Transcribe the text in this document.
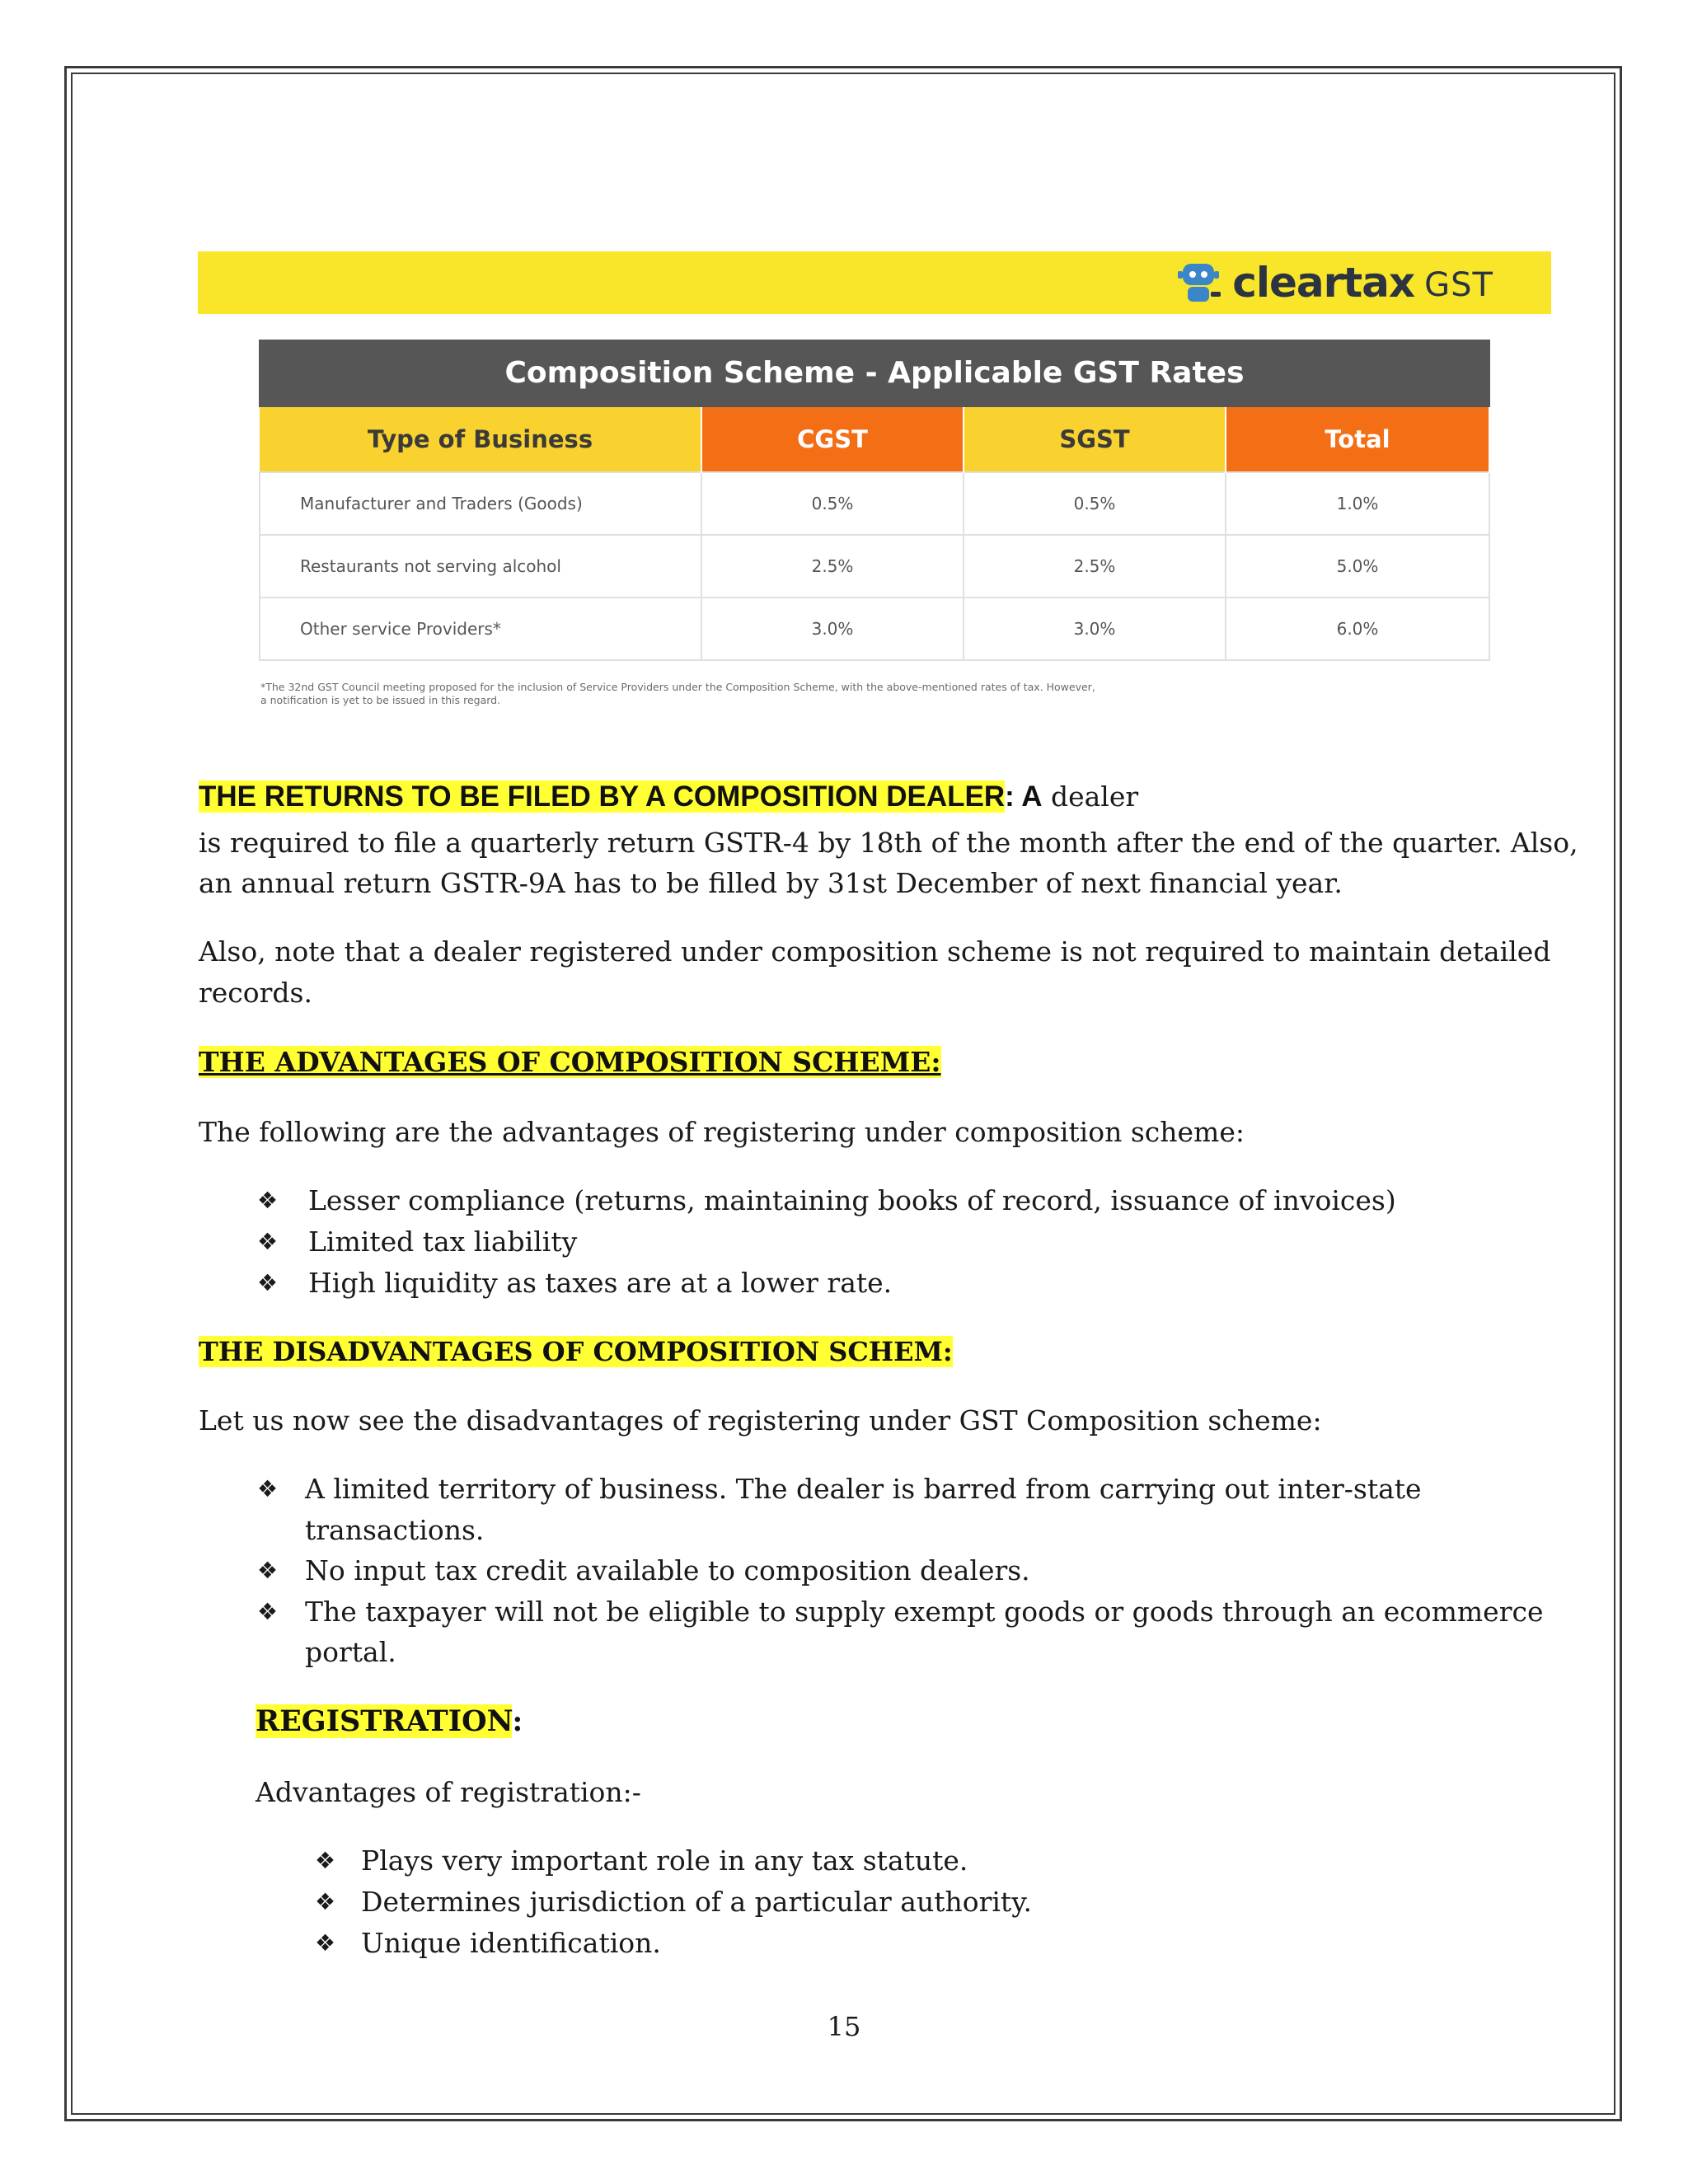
cleartax GST
Composition Scheme - Applicable GST Rates
Type of Business	CGST	SGST	Total
Manufacturer and Traders (Goods)	0.5%	0.5%	1.0%
Restaurants not serving alcohol	2.5%	2.5%	5.0%
Other service Providers*	3.0%	3.0%	6.0%
*The 32nd GST Council meeting proposed for the inclusion of Service Providers under the Composition Scheme, with the above-mentioned rates of tax. However,
a notification is yet to be issued in this regard.
THE RETURNS TO BE FILED BY A COMPOSITION DEALER: A dealer
is required to file a quarterly return GSTR-4 by 18th of the month after the end of the quarter. Also,
an annual return GSTR-9A has to be filled by 31st December of next financial year.
Also, note that a dealer registered under composition scheme is not required to maintain detailed
records.
THE ADVANTAGES OF COMPOSITION SCHEME:
The following are the advantages of registering under composition scheme:
❖ Lesser compliance (returns, maintaining books of record, issuance of invoices)
❖ Limited tax liability
❖ High liquidity as taxes are at a lower rate.
THE DISADVANTAGES OF COMPOSITION SCHEM:
Let us now see the disadvantages of registering under GST Composition scheme:
❖ A limited territory of business. The dealer is barred from carrying out inter-state
transactions.
❖ No input tax credit available to composition dealers.
❖ The taxpayer will not be eligible to supply exempt goods or goods through an ecommerce
portal.
REGISTRATION:
Advantages of registration:-
❖ Plays very important role in any tax statute.
❖ Determines jurisdiction of a particular authority.
❖ Unique identification.
15
